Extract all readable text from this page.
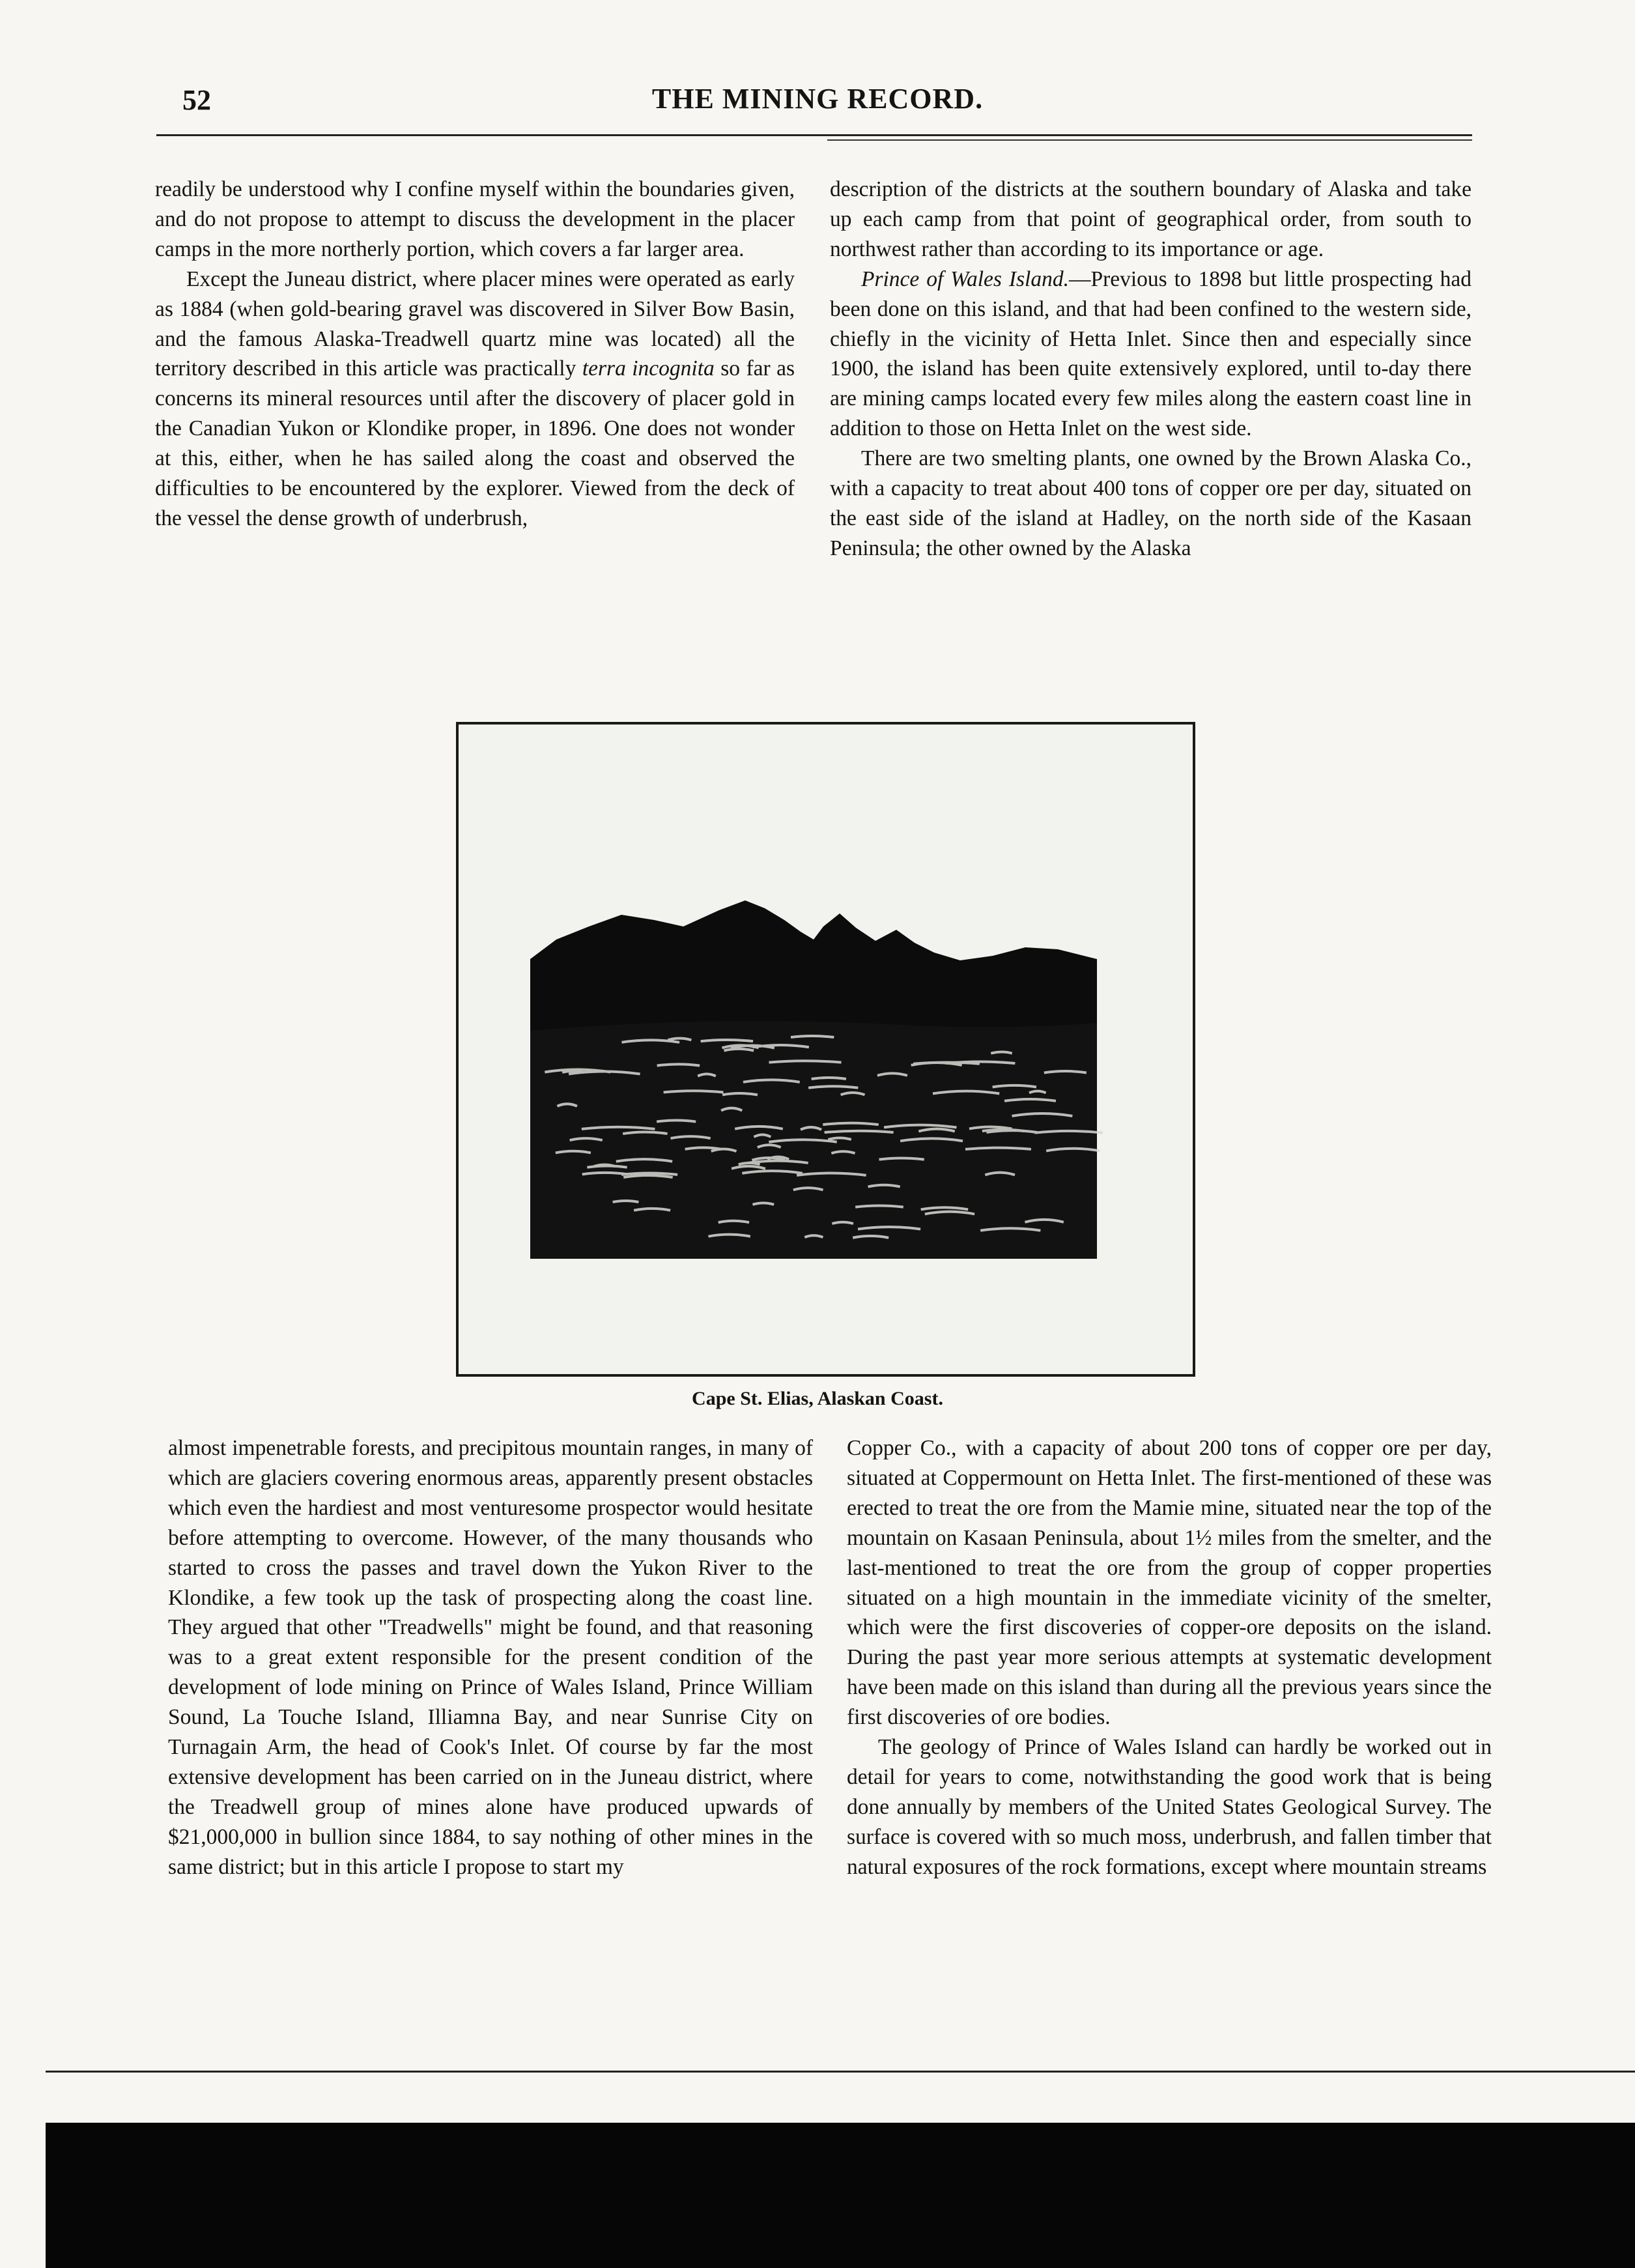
52	THE MINING RECORD.

readily be understood why I confine myself within the boundaries given, and do not propose to attempt to discuss the development in the placer camps in the more northerly portion, which covers a far larger area.

Except the Juneau district, where placer mines were operated as early as 1884 (when gold-bearing gravel was discovered in Silver Bow Basin, and the famous Alaska-Treadwell quartz mine was located) all the territory described in this article was practically terra incognita so far as concerns its mineral resources until after the discovery of placer gold in the Canadian Yukon or Klondike proper, in 1896. One does not wonder at this, either, when he has sailed along the coast and observed the difficulties to be encountered by the explorer. Viewed from the deck of the vessel the dense growth of underbrush,

description of the districts at the southern boundary of Alaska and take up each camp from that point of geographical order, from south to northwest rather than according to its importance or age.

Prince of Wales Island.—Previous to 1898 but little prospecting had been done on this island, and that had been confined to the western side, chiefly in the vicinity of Hetta Inlet. Since then and especially since 1900, the island has been quite extensively explored, until to-day there are mining camps located every few miles along the eastern coast line in addition to those on Hetta Inlet on the west side.

There are two smelting plants, one owned by the Brown Alaska Co., with a capacity to treat about 400 tons of copper ore per day, situated on the east side of the island at Hadley, on the north side of the Kasaan Peninsula; the other owned by the Alaska

Cape St. Elias, Alaskan Coast.

almost impenetrable forests, and precipitous mountain ranges, in many of which are glaciers covering enormous areas, apparently present obstacles which even the hardiest and most venturesome prospector would hesitate before attempting to overcome. However, of the many thousands who started to cross the passes and travel down the Yukon River to the Klondike, a few took up the task of prospecting along the coast line. They argued that other "Treadwells" might be found, and that reasoning was to a great extent responsible for the present condition of the development of lode mining on Prince of Wales Island, Prince William Sound, La Touche Island, Illiamna Bay, and near Sunrise City on Turnagain Arm, the head of Cook's Inlet. Of course by far the most extensive development has been carried on in the Juneau district, where the Treadwell group of mines alone have produced upwards of $21,000,000 in bullion since 1884, to say nothing of other mines in the same district; but in this article I propose to start my

Copper Co., with a capacity of about 200 tons of copper ore per day, situated at Coppermount on Hetta Inlet. The first-mentioned of these was erected to treat the ore from the Mamie mine, situated near the top of the mountain on Kasaan Peninsula, about 1½ miles from the smelter, and the last-mentioned to treat the ore from the group of copper properties situated on a high mountain in the immediate vicinity of the smelter, which were the first discoveries of copper-ore deposits on the island. During the past year more serious attempts at systematic development have been made on this island than during all the previous years since the first discoveries of ore bodies.

The geology of Prince of Wales Island can hardly be worked out in detail for years to come, notwithstanding the good work that is being done annually by members of the United States Geological Survey. The surface is covered with so much moss, underbrush, and fallen timber that natural exposures of the rock formations, except where mountain streams
